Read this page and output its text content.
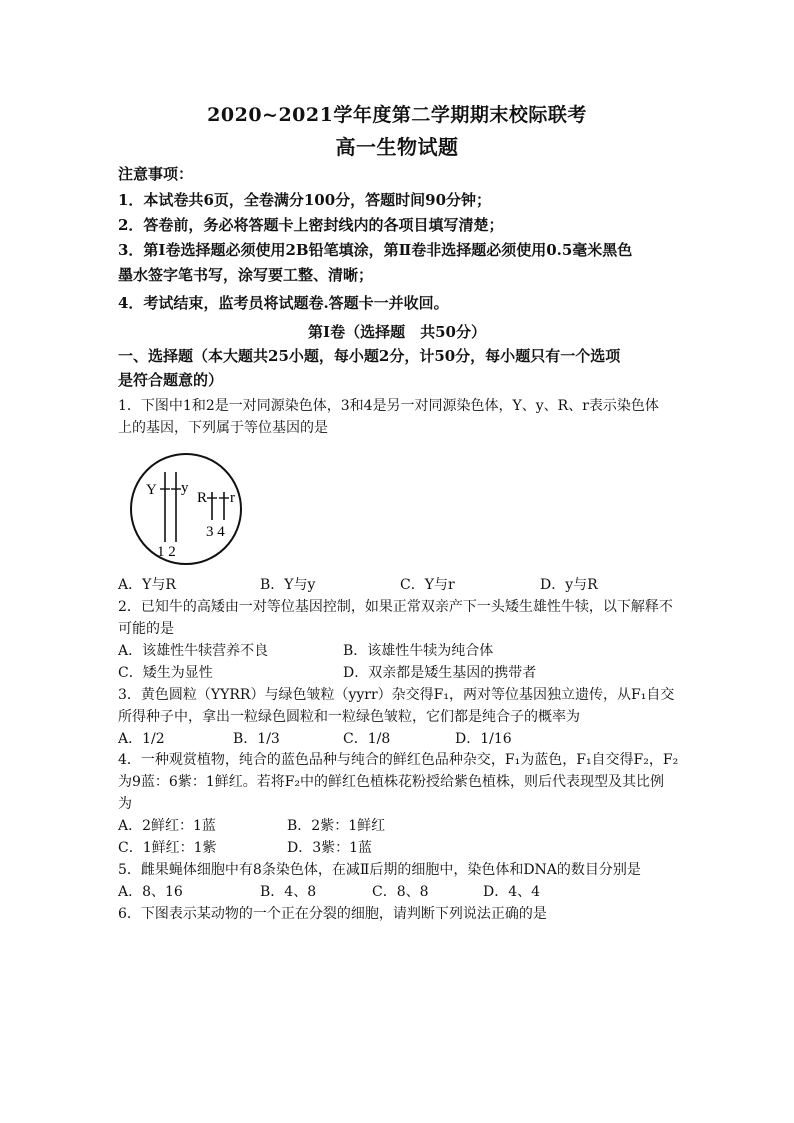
2020~2021学年度第二学期期末校际联考
高一生物试题
注意事项：
1．本试卷共6页，全卷满分100分，答题时间90分钟；
2．答卷前，务必将答题卡上密封线内的各项目填写清楚；
3．第Ⅰ卷选择题必须使用2B铅笔填涂，第Ⅱ卷非选择题必须使用0.5毫米黑色
墨水签字笔书写，涂写要工整、清晰；
4．考试结束，监考员将试题卷.答题卡一并收回。
第Ⅰ卷（选择题　共50分）
一、选择题（本大题共25小题，每小题2分，计50分，每小题只有一个选项
是符合题意的）
1．下图中1和2是一对同源染色体，3和4是另一对同源染色体，Y、y、R、r表示染色体
上的基因，下列属于等位基因的是
Y y
R r
1 2
3 4
A．Y与R	B．Y与y	C．Y与r	D．y与R
2．已知牛的高矮由一对等位基因控制，如果正常双亲产下一头矮生雄性牛犊，以下解释不
可能的是
A．该雄性牛犊营养不良	B．该雄性牛犊为纯合体
C．矮生为显性	D．双亲都是矮生基因的携带者
3．黄色圆粒（YYRR）与绿色皱粒（yyrr）杂交得F₁，两对等位基因独立遗传，从F₁自交
所得种子中，拿出一粒绿色圆粒和一粒绿色皱粒，它们都是纯合子的概率为
A．1/2	B．1/3	C．1/8	D．1/16
4．一种观赏植物，纯合的蓝色品种与纯合的鲜红色品种杂交，F₁为蓝色，F₁自交得F₂，F₂
为9蓝：6紫：1鲜红。若将F₂中的鲜红色植株花粉授给紫色植株，则后代表现型及其比例
为
A．2鲜红：1蓝	B．2紫：1鲜红
C．1鲜红：1紫	D．3紫：1蓝
5．雌果蝇体细胞中有8条染色体，在减Ⅱ后期的细胞中，染色体和DNA的数目分别是
A．8、16	B．4、8	C．8、8	D．4、4
6．下图表示某动物的一个正在分裂的细胞，请判断下列说法正确的是
